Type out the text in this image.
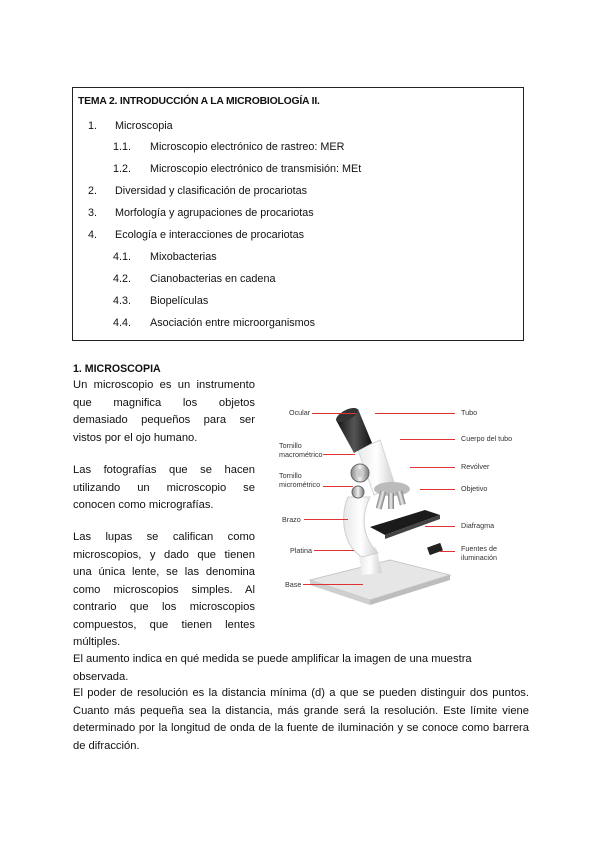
TEMA 2. INTRODUCCIÓN A LA MICROBIOLOGÍA II.
1. Microscopia
1.1. Microscopio electrónico de rastreo: MER
1.2. Microscopio electrónico de transmisión: MEt
2. Diversidad y clasificación de procariotas
3. Morfología y agrupaciones de procariotas
4. Ecología e interacciones de procariotas
4.1. Mixobacterias
4.2. Cianobacterias en cadena
4.3. Biopelículas
4.4. Asociación entre microorganismos
1. MICROSCOPIA
Un microscopio es un instrumento que magnifica los objetos demasiado pequeños para ser vistos por el ojo humano.
Las fotografías que se hacen utilizando un microscopio se conocen como micrografías.
Las lupas se califican como microscopios, y dado que tienen una única lente, se las denomina como microscopios simples. Al contrario que los microscopios compuestos, que tienen lentes múltiples.
El aumento indica en qué medida se puede amplificar la imagen de una muestra observada.
El poder de resolución es la distancia mínima (d) a que se pueden distinguir dos puntos. Cuanto más pequeña sea la distancia, más grande será la resolución. Este límite viene determinado por la longitud de onda de la fuente de iluminación y se conoce como barrera de difracción.
Ocular
Tornillo
macrométrico
Tornillo
micrométrico
Brazo
Platina
Base
Tubo
Cuerpo del tubo
Revólver
Objetivo
Diafragma
Fuentes de
iluminación
